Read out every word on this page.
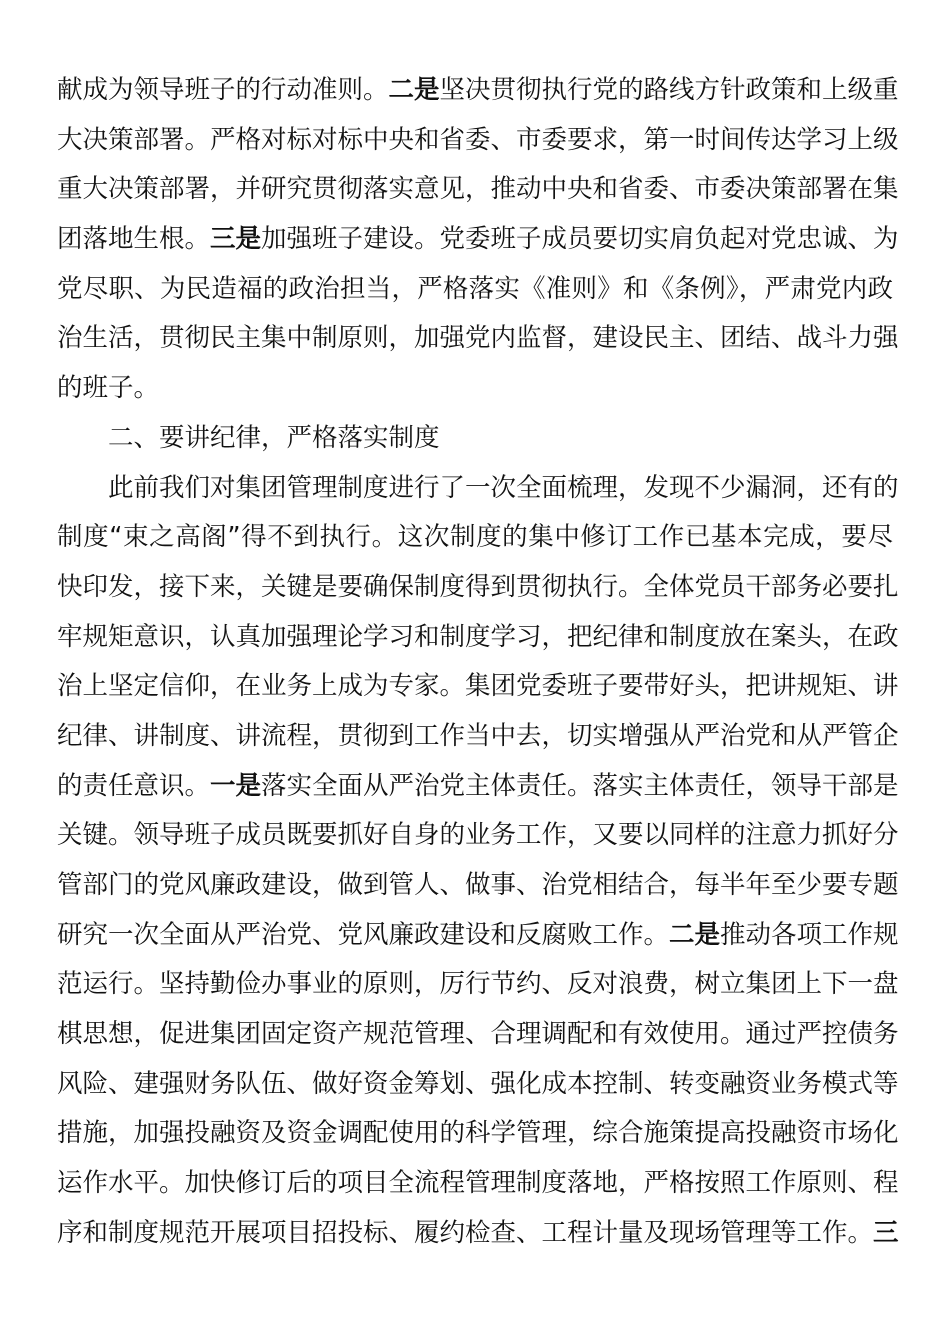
献成为领导班子的行动准则。二是坚决贯彻执行党的路线方针政策和上级重
大决策部署。严格对标对标中央和省委、市委要求，第一时间传达学习上级
重大决策部署，并研究贯彻落实意见，推动中央和省委、市委决策部署在集
团落地生根。三是加强班子建设。党委班子成员要切实肩负起对党忠诚、为
党尽职、为民造福的政治担当，严格落实《准则》和《条例》，严肃党内政
治生活，贯彻民主集中制原则，加强党内监督，建设民主、团结、战斗力强
的班子。
二、要讲纪律，严格落实制度
此前我们对集团管理制度进行了一次全面梳理，发现不少漏洞，还有的
制度“束之高阁”得不到执行。这次制度的集中修订工作已基本完成，要尽
快印发，接下来，关键是要确保制度得到贯彻执行。全体党员干部务必要扎
牢规矩意识，认真加强理论学习和制度学习，把纪律和制度放在案头，在政
治上坚定信仰，在业务上成为专家。集团党委班子要带好头，把讲规矩、讲
纪律、讲制度、讲流程，贯彻到工作当中去，切实增强从严治党和从严管企
的责任意识。一是落实全面从严治党主体责任。落实主体责任，领导干部是
关键。领导班子成员既要抓好自身的业务工作，又要以同样的注意力抓好分
管部门的党风廉政建设，做到管人、做事、治党相结合，每半年至少要专题
研究一次全面从严治党、党风廉政建设和反腐败工作。二是推动各项工作规
范运行。坚持勤俭办事业的原则，厉行节约、反对浪费，树立集团上下一盘
棋思想，促进集团固定资产规范管理、合理调配和有效使用。通过严控债务
风险、建强财务队伍、做好资金筹划、强化成本控制、转变融资业务模式等
措施，加强投融资及资金调配使用的科学管理，综合施策提高投融资市场化
运作水平。加快修订后的项目全流程管理制度落地，严格按照工作原则、程
序和制度规范开展项目招投标、履约检查、工程计量及现场管理等工作。三
